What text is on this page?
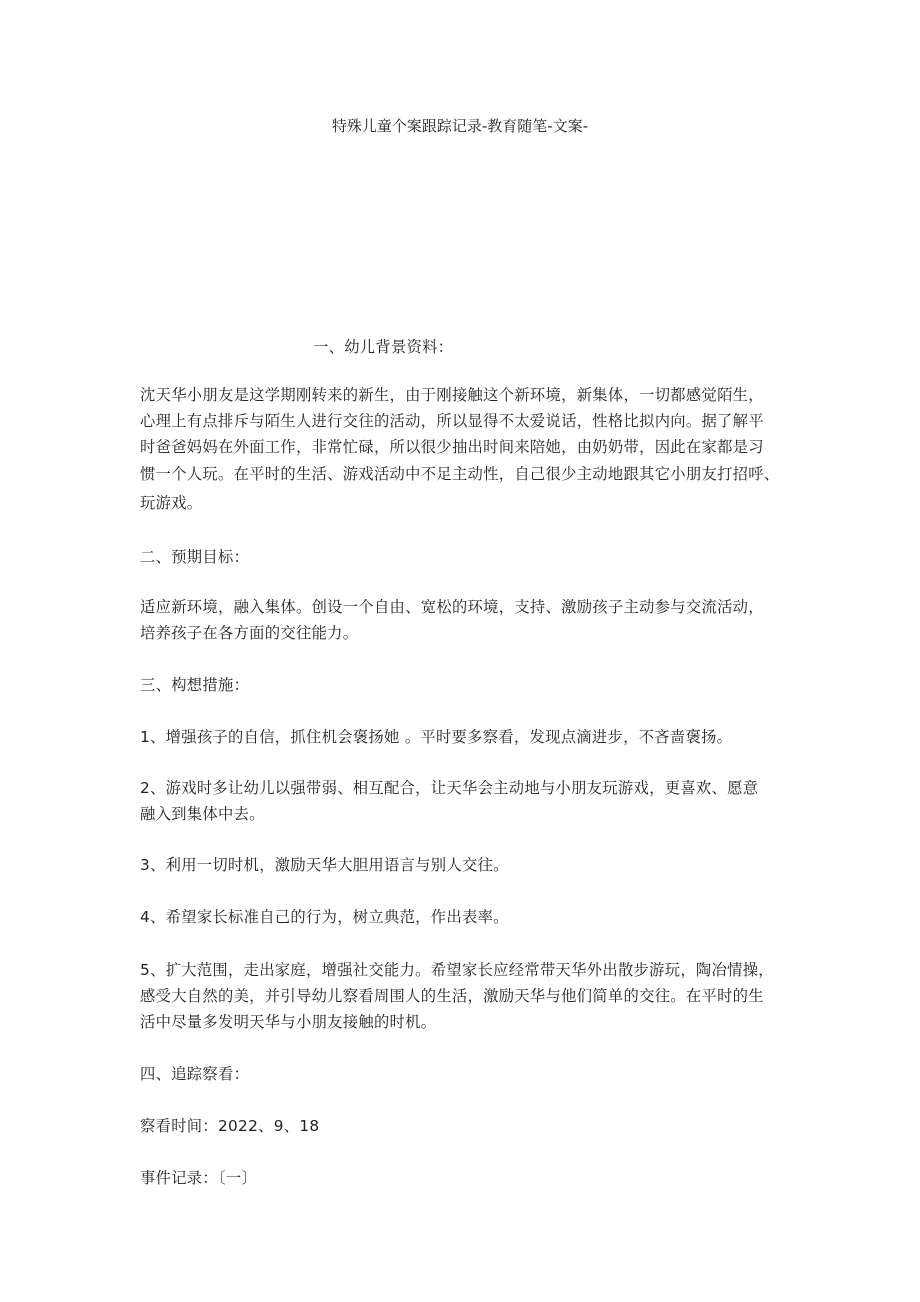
特殊儿童个案跟踪记录-教育随笔-文案-
一、幼儿背景资料：
沈天华小朋友是这学期刚转来的新生，由于刚接触这个新环境，新集体，一切都感觉陌生，
心理上有点排斥与陌生人进行交往的活动，所以显得不太爱说话，性格比拟内向。据了解平
时爸爸妈妈在外面工作，非常忙碌，所以很少抽出时间来陪她，由奶奶带，因此在家都是习
惯一个人玩。在平时的生活、游戏活动中不足主动性，自己很少主动地跟其它小朋友打招呼、
玩游戏。
二、预期目标：
适应新环境，融入集体。创设一个自由、宽松的环境，支持、激励孩子主动参与交流活动，
培养孩子在各方面的交往能力。
三、构想措施：
1、增强孩子的自信，抓住机会褒扬她 。平时要多察看，发现点滴进步，不吝啬褒扬。
2、游戏时多让幼儿以强带弱、相互配合，让天华会主动地与小朋友玩游戏，更喜欢、愿意
融入到集体中去。
3、利用一切时机，激励天华大胆用语言与别人交往。
4、希望家长标准自己的行为，树立典范，作出表率。
5、扩大范围，走出家庭，增强社交能力。希望家长应经常带天华外出散步游玩，陶冶情操，
感受大自然的美，并引导幼儿察看周围人的生活，激励天华与他们简单的交往。在平时的生
活中尽量多发明天华与小朋友接触的时机。
四、追踪察看：
察看时间：2022、9、18
事件记录：〔一〕
